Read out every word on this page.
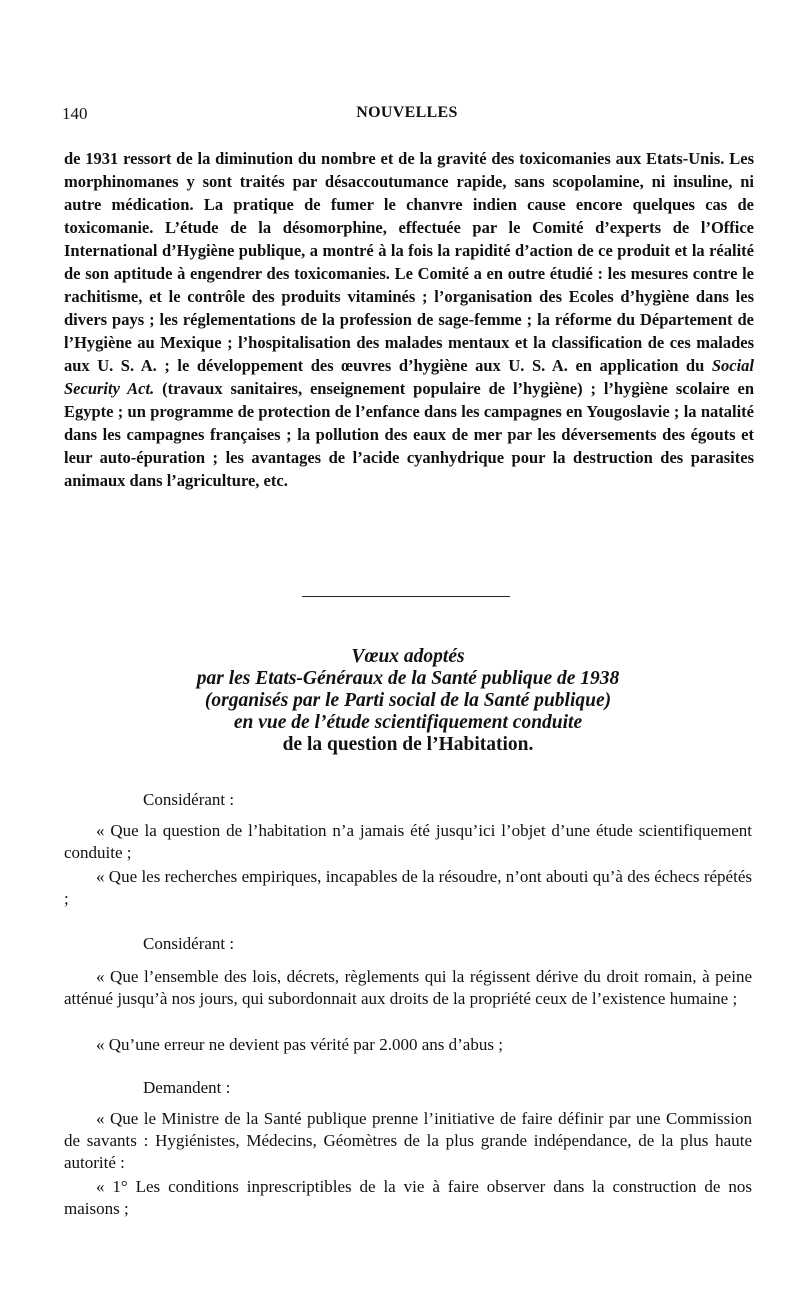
140	NOUVELLES

de 1931 ressort de la diminution du nombre et de la gravité des toxicomanies aux Etats-Unis. Les morphinomanes y sont traités par désaccoutumance rapide, sans scopolamine, ni insuline, ni autre médication. La pratique de fumer le chanvre indien cause encore quelques cas de toxicomanie. L’étude de la désomorphine, effectuée par le Comité d’experts de l’Office International d’Hygiène publique, a montré à la fois la rapidité d’action de ce produit et la réalité de son aptitude à engendrer des toxicomanies. Le Comité a en outre étudié : les mesures contre le rachitisme, et le contrôle des produits vitaminés ; l’organisation des Ecoles d’hygiène dans les divers pays ; les réglementations de la profession de sage-femme ; la réforme du Département de l’Hygiène au Mexique ; l’hospitalisation des malades mentaux et la classification de ces malades aux U. S. A. ; le développement des œuvres d’hygiène aux U. S. A. en application du Social Security Act. (travaux sanitaires, enseignement populaire de l’hygiène) ; l’hygiène scolaire en Egypte ; un programme de protection de l’enfance dans les campagnes en Yougoslavie ; la natalité dans les campagnes françaises ; la pollution des eaux de mer par les déversements des égouts et leur auto-épuration ; les avantages de l’acide cyanhydrique pour la destruction des parasites animaux dans l’agriculture, etc.

Vœux adoptés
par les Etats-Généraux de la Santé publique de 1938
(organisés par le Parti social de la Santé publique)
en vue de l’étude scientifiquement conduite
de la question de l’Habitation.
Considérant :

« Que la question de l’habitation n’a jamais été jusqu’ici l’objet d’une étude scientifiquement conduite ;

« Que les recherches empiriques, incapables de la résoudre, n’ont abouti qu’à des échecs répétés ;

Considérant :

« Que l’ensemble des lois, décrets, règlements qui la régissent dérive du droit romain, à peine atténué jusqu’à nos jours, qui subordonnait aux droits de la propriété ceux de l’existence humaine ;

« Qu’une erreur ne devient pas vérité par 2.000 ans d’abus ;

Demandent :

« Que le Ministre de la Santé publique prenne l’initiative de faire définir par une Commission de savants : Hygiénistes, Médecins, Géomètres de la plus grande indépendance, de la plus haute autorité :

« 1° Les conditions inprescriptibles de la vie à faire observer dans la construction de nos maisons ;
